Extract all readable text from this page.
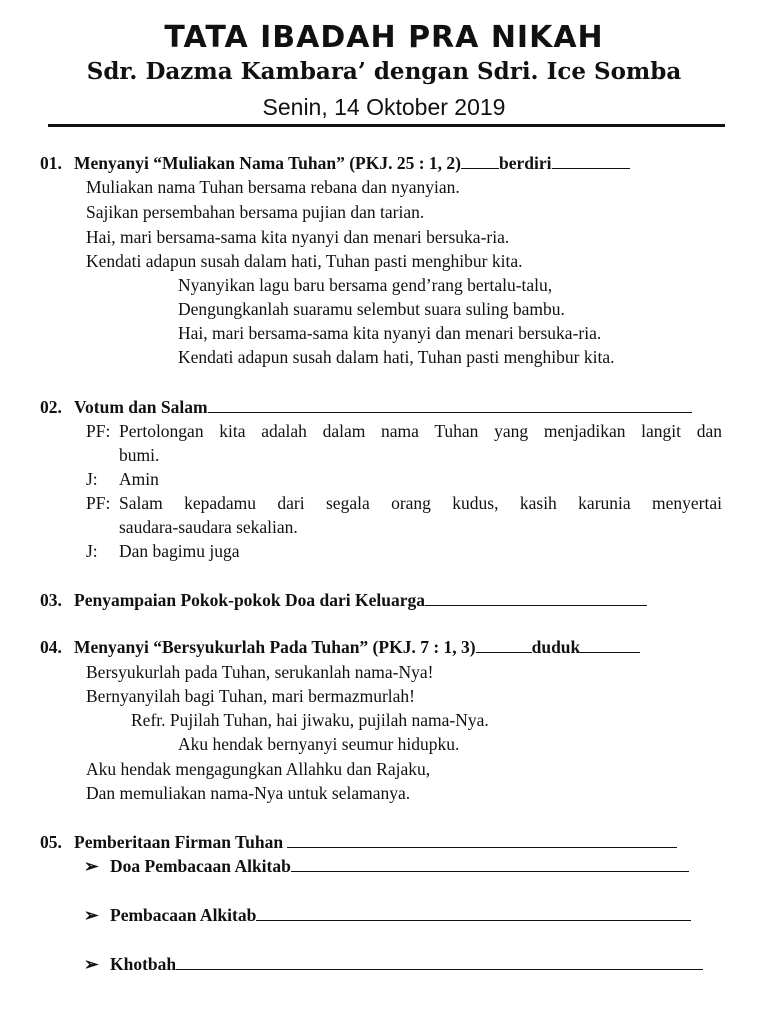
TATA IBADAH PRA NIKAH
Sdr. Dazma Kambara’ dengan Sdri. Ice Somba
Senin, 14 Oktober 2019
01. Menyanyi “Muliakan Nama Tuhan” (PKJ. 25 : 1, 2) berdiri
Muliakan nama Tuhan bersama rebana dan nyanyian.
Sajikan persembahan bersama pujian dan tarian.
Hai, mari bersama-sama kita nyanyi dan menari bersuka-ria.
Kendati adapun susah dalam hati, Tuhan pasti menghibur kita.
Nyanyikan lagu baru bersama gend’rang bertalu-talu,
Dengungkanlah suaramu selembut suara suling bambu.
Hai, mari bersama-sama kita nyanyi dan menari bersuka-ria.
Kendati adapun susah dalam hati, Tuhan pasti menghibur kita.
02. Votum dan Salam
PF: Pertolongan kita adalah dalam nama Tuhan yang menjadikan langit dan
bumi.
J: Amin
PF: Salam kepadamu dari segala orang kudus, kasih karunia menyertai
saudara-saudara sekalian.
J: Dan bagimu juga
03. Penyampaian Pokok-pokok Doa dari Keluarga
04. Menyanyi “Bersyukurlah Pada Tuhan” (PKJ. 7 : 1, 3)	duduk
Bersyukurlah pada Tuhan, serukanlah nama-Nya!
Bernyanyilah bagi Tuhan, mari bermazmurlah!
Refr. Pujilah Tuhan, hai jiwaku, pujilah nama-Nya.
Aku hendak bernyanyi seumur hidupku.
Aku hendak mengagungkan Allahku dan Rajaku,
Dan memuliakan nama-Nya untuk selamanya.
05. Pemberitaan Firman Tuhan
➢ Doa Pembacaan Alkitab
➢ Pembacaan Alkitab
➢ Khotbah
